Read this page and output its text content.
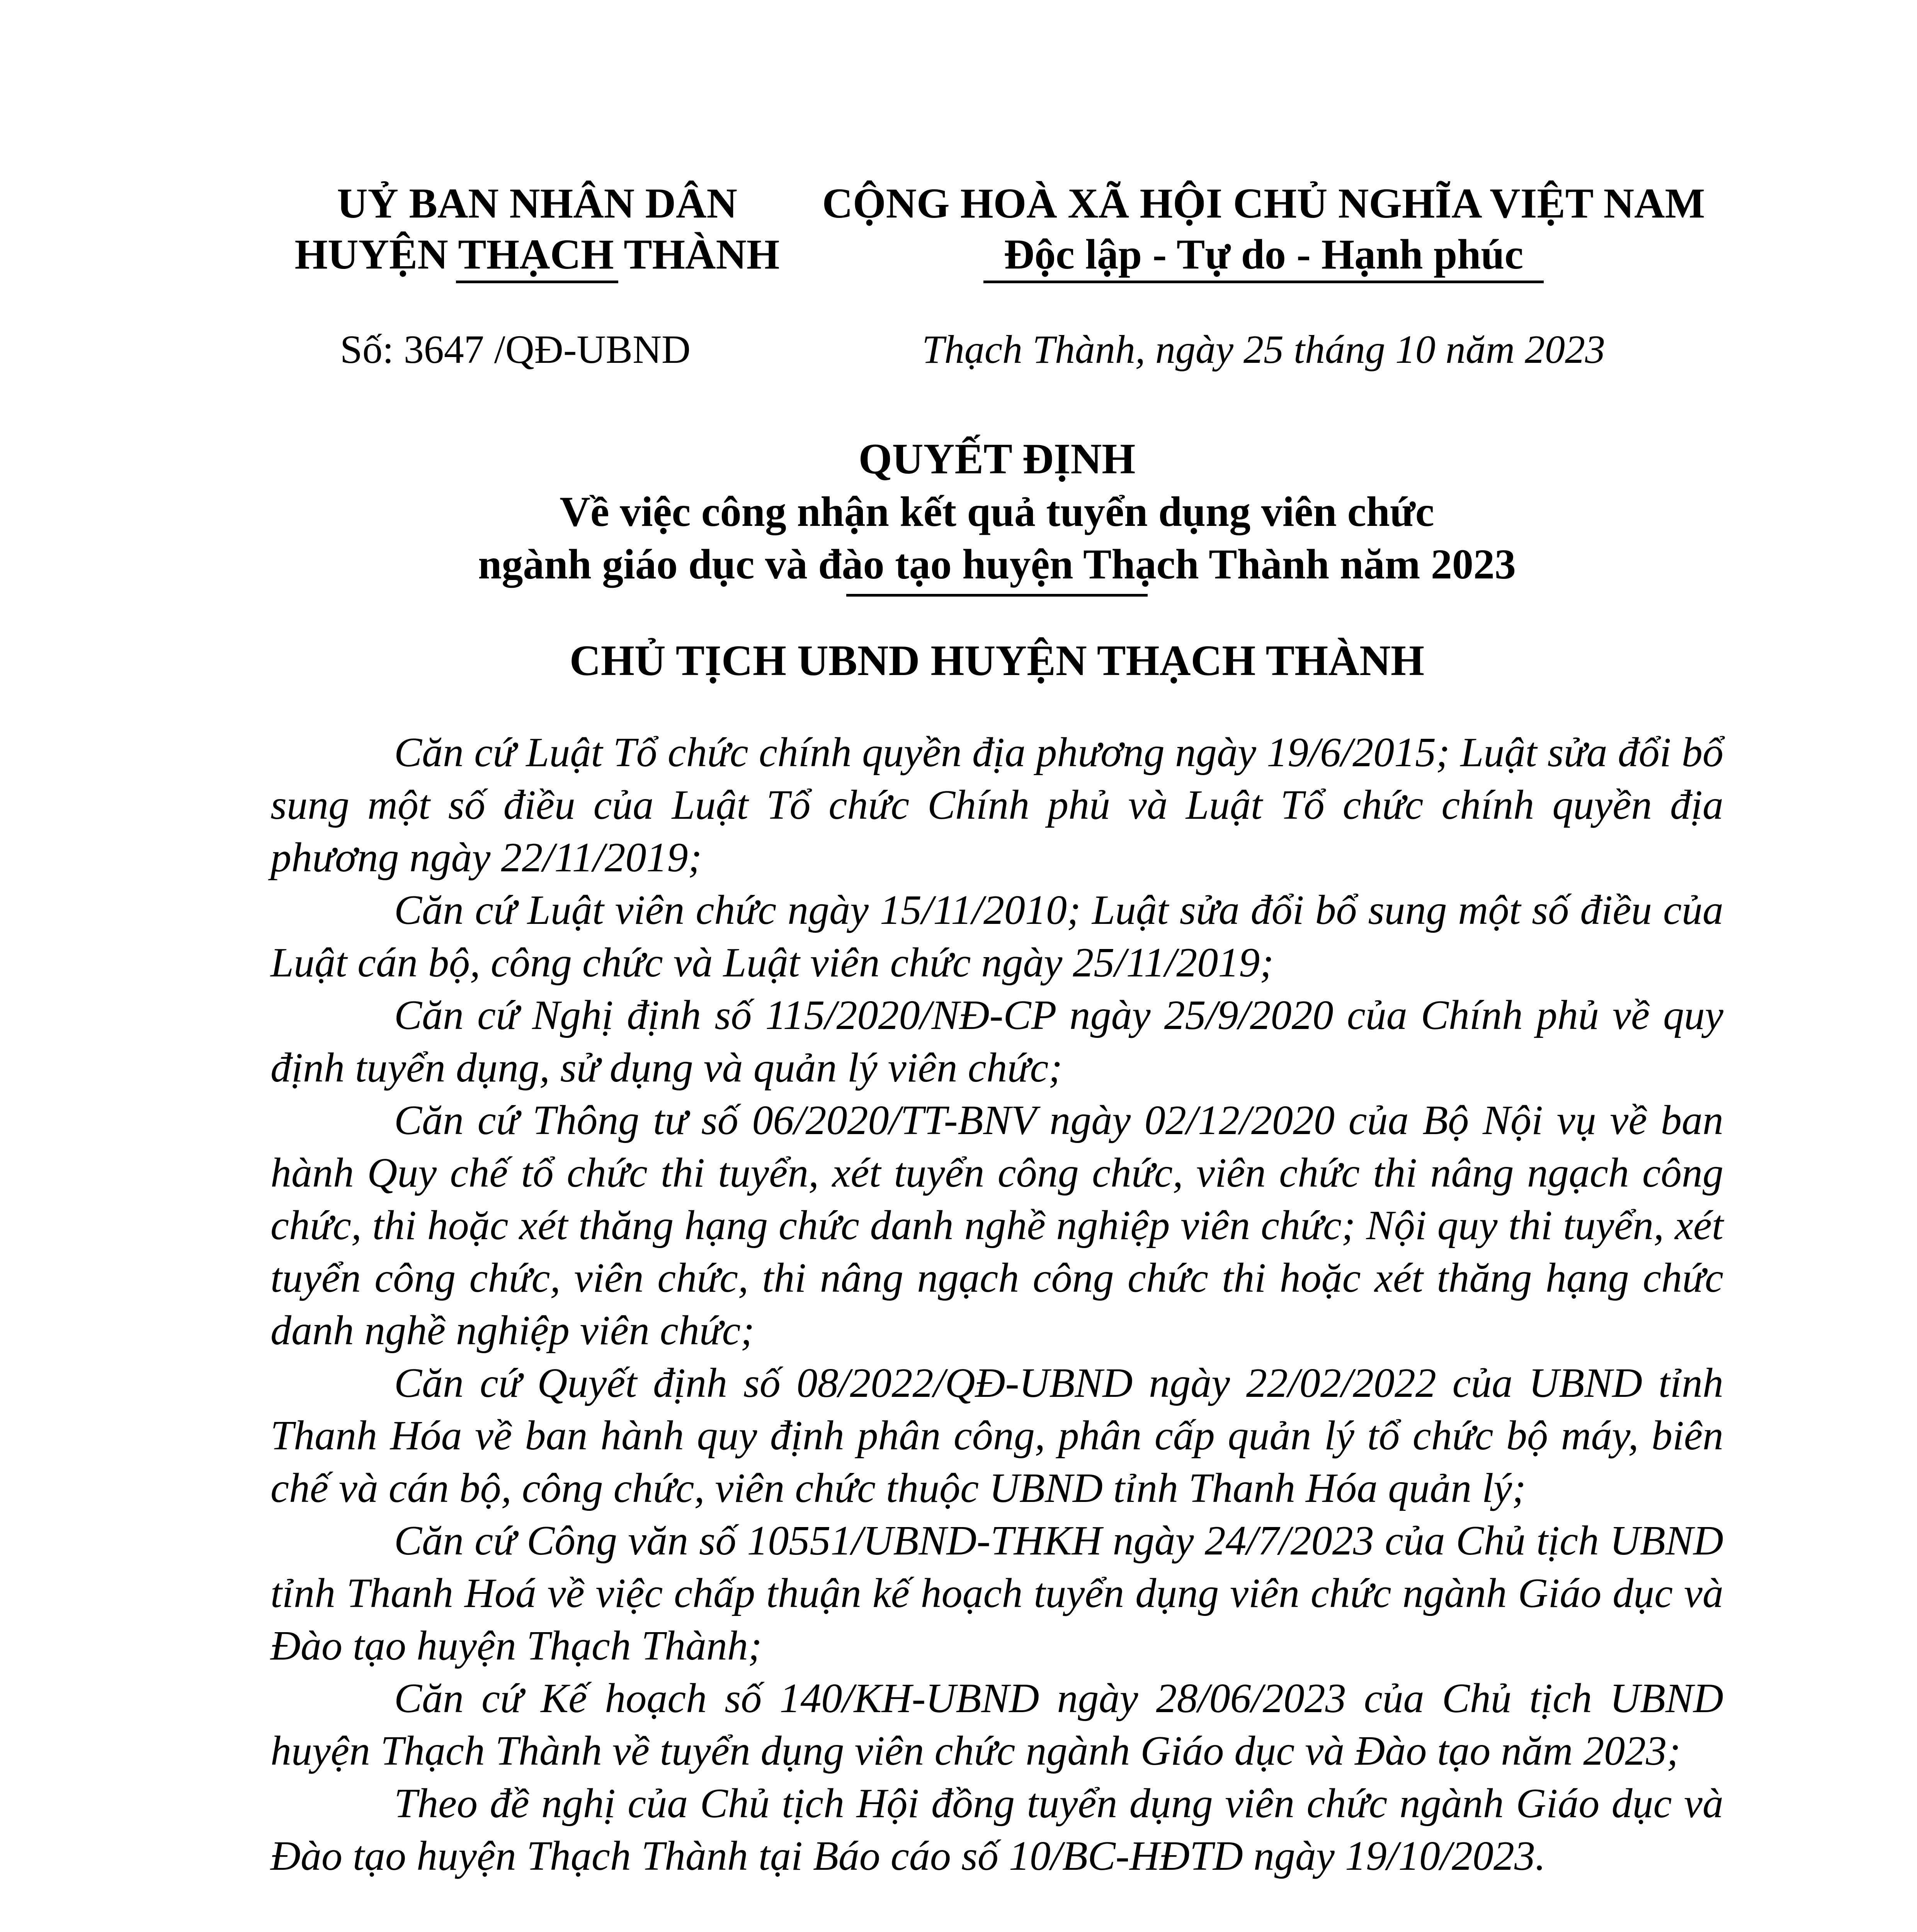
UỶ BAN NHÂN DÂN
HUYỆN THẠCH THÀNH
CỘNG HOÀ XÃ HỘI CHỦ NGHĨA VIỆT NAM
Độc lập - Tự do - Hạnh phúc
Số: 3647 /QĐ-UBND	Thạch Thành, ngày 25 tháng 10 năm 2023
QUYẾT ĐỊNH
Về việc công nhận kết quả tuyển dụng viên chức
ngành giáo dục và đào tạo huyện Thạch Thành năm 2023
CHỦ TỊCH UBND HUYỆN THẠCH THÀNH

Căn cứ Luật Tổ chức chính quyền địa phương ngày 19/6/2015; Luật sửa đổi bổ sung một số điều của Luật Tổ chức Chính phủ và Luật Tổ chức chính quyền địa phương ngày 22/11/2019;

Căn cứ Luật viên chức ngày 15/11/2010; Luật sửa đổi bổ sung một số điều của Luật cán bộ, công chức và Luật viên chức ngày 25/11/2019;

Căn cứ Nghị định số 115/2020/NĐ-CP ngày 25/9/2020 của Chính phủ về quy định tuyển dụng, sử dụng và quản lý viên chức;

Căn cứ Thông tư số 06/2020/TT-BNV ngày 02/12/2020 của Bộ Nội vụ về ban hành Quy chế tổ chức thi tuyển, xét tuyển công chức, viên chức thi nâng ngạch công chức, thi hoặc xét thăng hạng chức danh nghề nghiệp viên chức; Nội quy thi tuyển, xét tuyển công chức, viên chức, thi nâng ngạch công chức thi hoặc xét thăng hạng chức danh nghề nghiệp viên chức;

Căn cứ Quyết định số 08/2022/QĐ-UBND ngày 22/02/2022 của UBND tỉnh Thanh Hóa về ban hành quy định phân công, phân cấp quản lý tổ chức bộ máy, biên chế và cán bộ, công chức, viên chức thuộc UBND tỉnh Thanh Hóa quản lý;

Căn cứ Công văn số 10551/UBND-THKH ngày 24/7/2023 của Chủ tịch UBND tỉnh Thanh Hoá về việc chấp thuận kế hoạch tuyển dụng viên chức ngành Giáo dục và Đào tạo huyện Thạch Thành;

Căn cứ Kế hoạch số 140/KH-UBND ngày 28/06/2023 của Chủ tịch UBND huyện Thạch Thành về tuyển dụng viên chức ngành Giáo dục và Đào tạo năm 2023;

Theo đề nghị của Chủ tịch Hội đồng tuyển dụng viên chức ngành Giáo dục và Đào tạo huyện Thạch Thành tại Báo cáo số 10/BC-HĐTD ngày 19/10/2023.
